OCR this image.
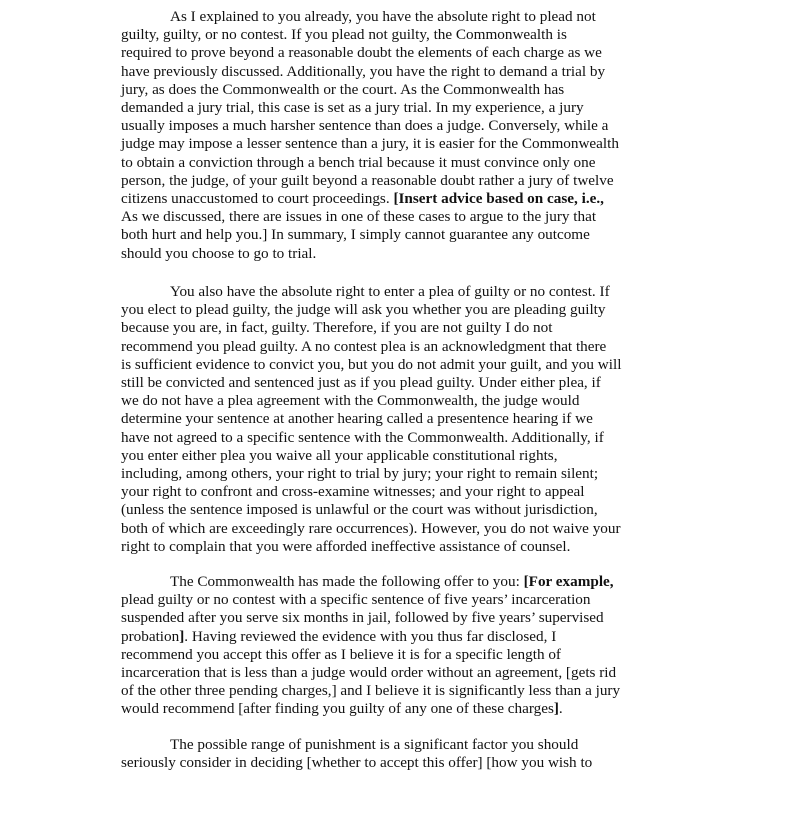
As I explained to you already, you have the absolute right to plead not
guilty, guilty, or no contest. If you plead not guilty, the Commonwealth is
required to prove beyond a reasonable doubt the elements of each charge as we
have previously discussed. Additionally, you have the right to demand a trial by
jury, as does the Commonwealth or the court. As the Commonwealth has
demanded a jury trial, this case is set as a jury trial. In my experience, a jury
usually imposes a much harsher sentence than does a judge. Conversely, while a
judge may impose a lesser sentence than a jury, it is easier for the Commonwealth
to obtain a conviction through a bench trial because it must convince only one
person, the judge, of your guilt beyond a reasonable doubt rather a jury of twelve
citizens unaccustomed to court proceedings. [Insert advice based on case, i.e.,
As we discussed, there are issues in one of these cases to argue to the jury that
both hurt and help you.] In summary, I simply cannot guarantee any outcome
should you choose to go to trial.
You also have the absolute right to enter a plea of guilty or no contest. If
you elect to plead guilty, the judge will ask you whether you are pleading guilty
because you are, in fact, guilty. Therefore, if you are not guilty I do not
recommend you plead guilty. A no contest plea is an acknowledgment that there
is sufficient evidence to convict you, but you do not admit your guilt, and you will
still be convicted and sentenced just as if you plead guilty. Under either plea, if
we do not have a plea agreement with the Commonwealth, the judge would
determine your sentence at another hearing called a presentence hearing if we
have not agreed to a specific sentence with the Commonwealth. Additionally, if
you enter either plea you waive all your applicable constitutional rights,
including, among others, your right to trial by jury; your right to remain silent;
your right to confront and cross-examine witnesses; and your right to appeal
(unless the sentence imposed is unlawful or the court was without jurisdiction,
both of which are exceedingly rare occurrences). However, you do not waive your
right to complain that you were afforded ineffective assistance of counsel.
The Commonwealth has made the following offer to you: [For example,
plead guilty or no contest with a specific sentence of five years’ incarceration
suspended after you serve six months in jail, followed by five years’ supervised
probation]. Having reviewed the evidence with you thus far disclosed, I
recommend you accept this offer as I believe it is for a specific length of
incarceration that is less than a judge would order without an agreement, [gets rid
of the other three pending charges,] and I believe it is significantly less than a jury
would recommend [after finding you guilty of any one of these charges].
The possible range of punishment is a significant factor you should
seriously consider in deciding [whether to accept this offer] [how you wish to
